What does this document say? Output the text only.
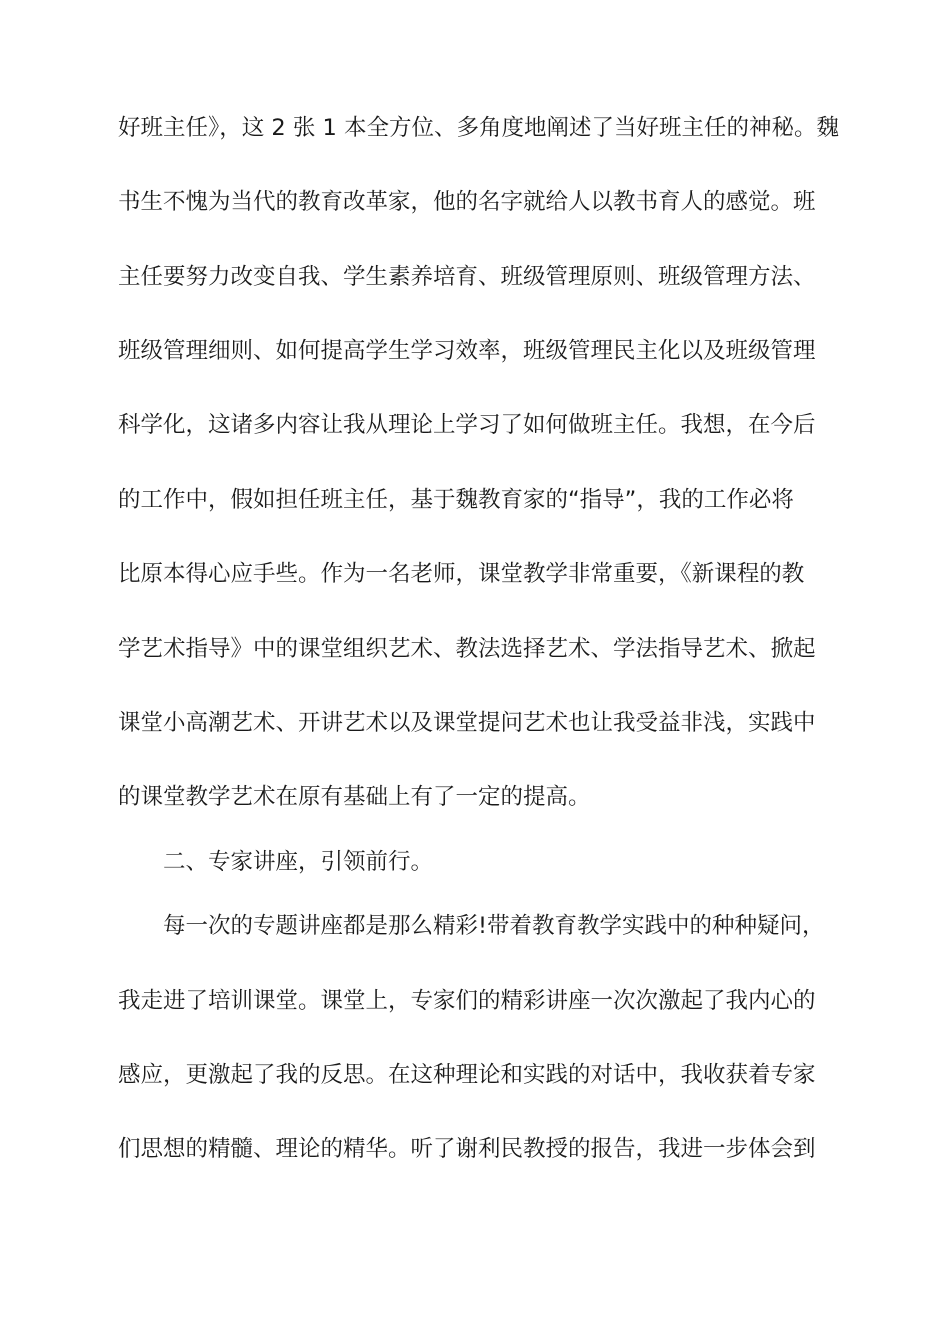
好班主任》，这 2 张 1 本全方位、多角度地阐述了当好班主任的神秘。魏
书生不愧为当代的教育改革家，他的名字就给人以教书育人的感觉。班
主任要努力改变自我、学生素养培育、班级管理原则、班级管理方法、
班级管理细则、如何提高学生学习效率，班级管理民主化以及班级管理
科学化，这诸多内容让我从理论上学习了如何做班主任。我想，在今后
的工作中，假如担任班主任，基于魏教育家的“指导”，我的工作必将
比原本得心应手些。作为一名老师，课堂教学非常重要，《新课程的教
学艺术指导》中的课堂组织艺术、教法选择艺术、学法指导艺术、掀起
课堂小高潮艺术、开讲艺术以及课堂提问艺术也让我受益非浅，实践中
的课堂教学艺术在原有基础上有了一定的提高。
二、专家讲座，引领前行。
每一次的专题讲座都是那么精彩!带着教育教学实践中的种种疑问，
我走进了培训课堂。课堂上，专家们的精彩讲座一次次激起了我内心的
感应，更激起了我的反思。在这种理论和实践的对话中，我收获着专家
们思想的精髓、理论的精华。听了谢利民教授的报告，我进一步体会到
